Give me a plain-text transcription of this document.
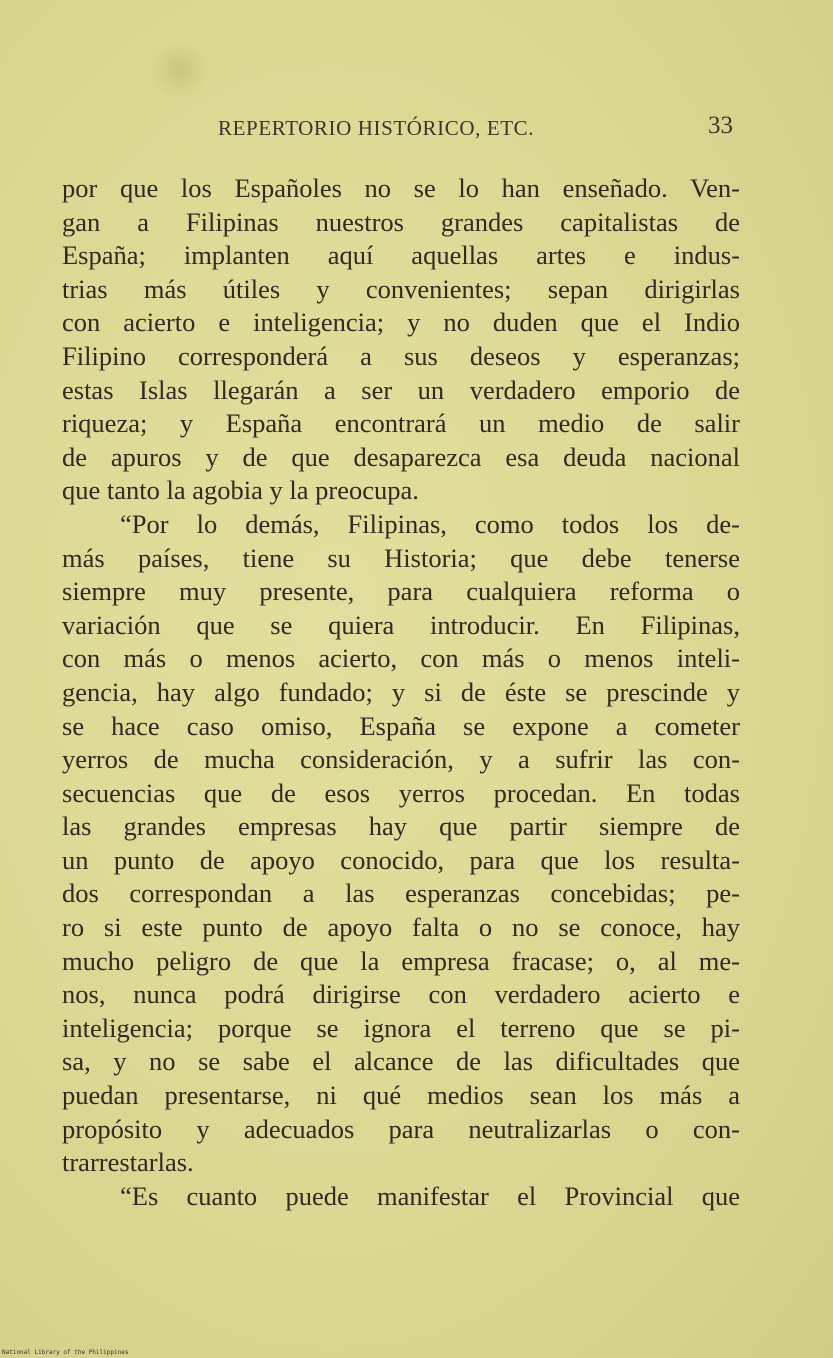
REPERTORIO HISTÓRICO, ETC.	33
por que los Españoles no se lo han enseñado. Ven-
gan a Filipinas nuestros grandes capitalistas de
España; implanten aquí aquellas artes e indus-
trias más útiles y convenientes; sepan dirigirlas
con acierto e inteligencia; y no duden que el Indio
Filipino corresponderá a sus deseos y esperanzas;
estas Islas llegarán a ser un verdadero emporio de
riqueza; y España encontrará un medio de salir
de apuros y de que desaparezca esa deuda nacional
que tanto la agobia y la preocupa.
“Por lo demás, Filipinas, como todos los de-
más países, tiene su Historia; que debe tenerse
siempre muy presente, para cualquiera reforma o
variación que se quiera introducir. En Filipinas,
con más o menos acierto, con más o menos inteli-
gencia, hay algo fundado; y si de éste se prescinde y
se hace caso omiso, España se expone a cometer
yerros de mucha consideración, y a sufrir las con-
secuencias que de esos yerros procedan. En todas
las grandes empresas hay que partir siempre de
un punto de apoyo conocido, para que los resulta-
dos correspondan a las esperanzas concebidas; pe-
ro si este punto de apoyo falta o no se conoce, hay
mucho peligro de que la empresa fracase; o, al me-
nos, nunca podrá dirigirse con verdadero acierto e
inteligencia; porque se ignora el terreno que se pi-
sa, y no se sabe el alcance de las dificultades que
puedan presentarse, ni qué medios sean los más a
propósito y adecuados para neutralizarlas o con-
trarrestarlas.
“Es cuanto puede manifestar el Provincial que
National Library of the Philippines
